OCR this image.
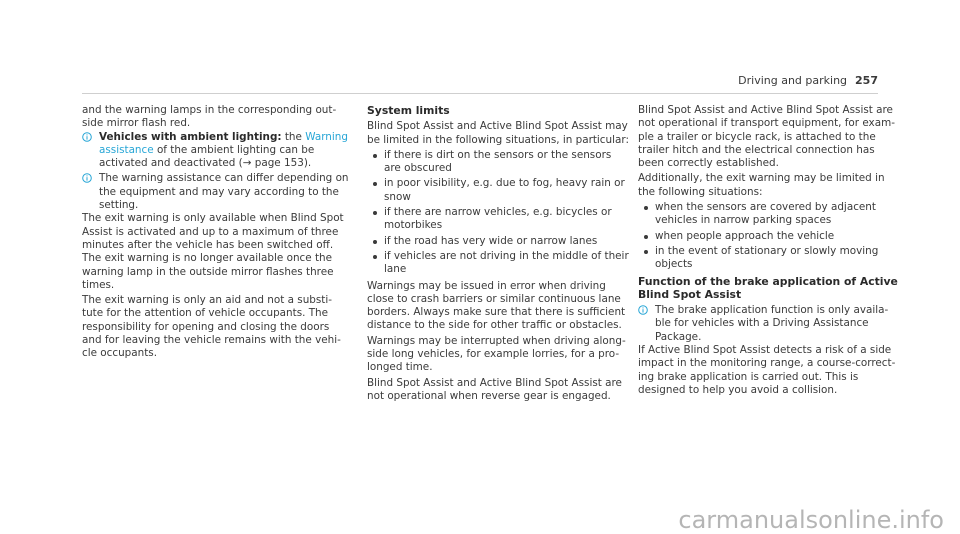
Driving and parking 257

and the warning lamps in the corresponding out- side mirror flash red.

Vehicles with ambient lighting: the Warning assistance of the ambient lighting can be activated and deactivated (→ page 153).
The warning assistance can differ depending on the equipment and may vary according to the setting.

The exit warning is only available when Blind Spot Assist is activated and up to a maximum of three minutes after the vehicle has been switched off. The exit warning is no longer available once the warning lamp in the outside mirror flashes three times.

The exit warning is only an aid and not a substi- tute for the attention of vehicle occupants. The responsibility for opening and closing the doors and for leaving the vehicle remains with the vehi- cle occupants.

System limits

Blind Spot Assist and Active Blind Spot Assist may be limited in the following situations, in particular:

if there is dirt on the sensors or the sensors are obscured
in poor visibility, e.g. due to fog, heavy rain or snow
if there are narrow vehicles, e.g. bicycles or motorbikes
if the road has very wide or narrow lanes
if vehicles are not driving in the middle of their lane

Warnings may be issued in error when driving close to crash barriers or similar continuous lane borders. Always make sure that there is sufficient distance to the side for other traffic or obstacles.

Warnings may be interrupted when driving along- side long vehicles, for example lorries, for a pro- longed time.

Blind Spot Assist and Active Blind Spot Assist are not operational when reverse gear is engaged.

Blind Spot Assist and Active Blind Spot Assist are not operational if transport equipment, for exam- ple a trailer or bicycle rack, is attached to the trailer hitch and the electrical connection has been correctly established.

Additionally, the exit warning may be limited in the following situations:

when the sensors are covered by adjacent vehicles in narrow parking spaces
when people approach the vehicle
in the event of stationary or slowly moving objects
Function of the brake application of Active Blind Spot Assist
The brake application function is only availa- ble for vehicles with a Driving Assistance Package.

If Active Blind Spot Assist detects a risk of a side impact in the monitoring range, a course-correct- ing brake application is carried out. This is designed to help you avoid a collision.

carmanualsonline.info
